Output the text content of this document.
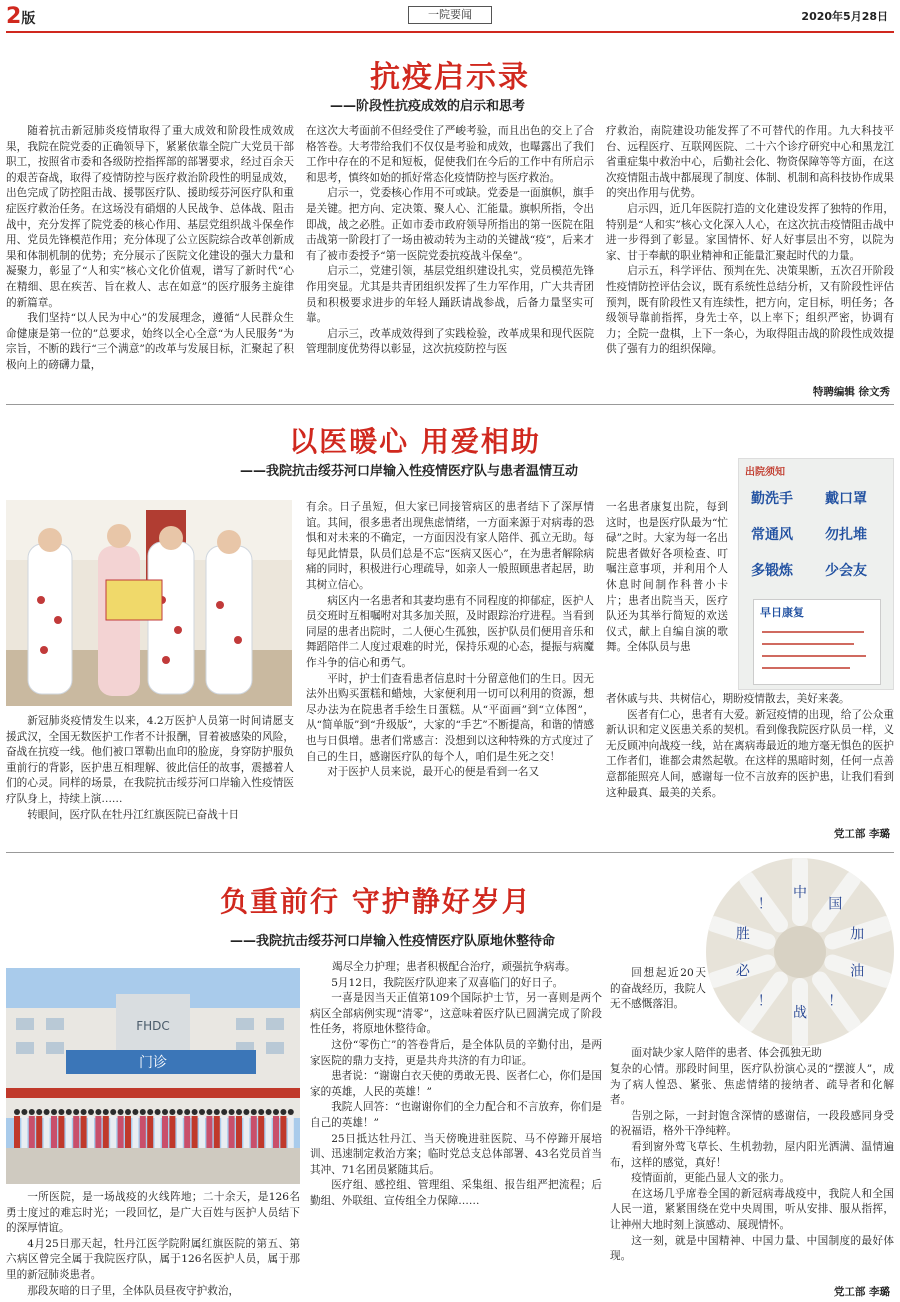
2版	一院要闻	2020年5月28日
抗疫启示录
——阶段性抗疫成效的启示和思考

随着抗击新冠肺炎疫情取得了重大成效和阶段性成效成果，我院在院党委的正确领导下，紧紧依靠全院广大党员干部职工，按照省市委和各级防控指挥部的部署要求，经过百余天的艰苦奋战，取得了疫情防控与医疗救治阶段性的明显成效，出色完成了防控阻击战、援鄂医疗队、援助绥芬河医疗队和重症医疗救治任务。在这场没有硝烟的人民战争、总体战、阻击战中，充分发挥了院党委的核心作用、基层党组织战斗保垒作用、党员先锋模范作用；充分体现了公立医院综合改革创新成果和体制机制的优势；充分展示了医院文化建设的强大力量和凝聚力，彰显了“人和实”核心文化价值观，谱写了新时代“心在精细、思在疾苦、旨在救人、志在如意”的医疗服务主旋律的新篇章。

我们坚持“以人民为中心”的发展理念，遵循“人民群众生命健康是第一位的”总要求，始终以全心全意“为人民服务”为宗旨，不断的践行“三个满意”的改革与发展目标，汇聚起了积极向上的磅礴力量，

在这次大考面前不但经受住了严峻考验，而且出色的交上了合格答卷。大考带给我们不仅仅是考验和成效，也曝露出了我们工作中存在的不足和短板，促使我们在今后的工作中有所启示和思考，慎终如始的抓好常态化疫情防控与医疗救治。

启示一，党委核心作用不可或缺。党委是一面旗帜，旗手是关键。把方向、定决策、聚人心、汇能量。旗帜所指，令出即战，战之必胜。正如市委市政府领导所指出的第一医院在阻击战第一阶段打了一场由被动转为主动的关键战“疫”，后来才有了被市委授予“第一医院党委抗疫战斗保垒”。

启示二，党建引领，基层党组织建设扎实，党员模范先锋作用突显。尤其是共青团组织发挥了生力军作用，广大共青团员和积极要求进步的年轻人踊跃请战参战，后备力量坚实可靠。

启示三，改革成效得到了实践检验，改革成果和现代医院管理制度优势得以彰显，这次抗疫防控与医

疗救治，南院建设功能发挥了不可替代的作用。九大科技平台、远程医疗、互联网医院、二十六个诊疗研究中心和黑龙江省重症集中救治中心，后勤社会化、物资保障等等方面，在这次疫情阻击战中都展现了制度、体制、机制和高科技协作成果的突出作用与优势。

启示四，近几年医院打造的文化建设发挥了独特的作用，特别是“人和实”核心文化深入人心，在这次抗击疫情阻击战中进一步得到了彰显。家国情怀、好人好事层出不穷，以院为家、甘于奉献的职业精神和正能量汇聚起时代的力量。

启示五，科学评估、预判在先、决策果断，五次召开阶段性疫情防控评估会议，既有系统性总结分析，又有阶段性评估预判，既有阶段性又有连续性，把方向，定目标，明任务；各级领导靠前指挥，身先士卒，以上率下；组织严密，协调有力；全院一盘棋，上下一条心，为取得阻击战的阶段性成效提供了强有力的组织保障。

特聘编辑 徐文秀
以医暖心 用爱相助
——我院抗击绥芬河口岸输入性疫情医疗队与患者温情互动

新冠肺炎疫情发生以来，4.2万医护人员第一时间请愿支援武汉，全国无数医护工作者不计报酬，冒着被感染的风险，奋战在抗疫一线。他们被口罩勒出血印的脸庞，身穿防护服负重前行的背影，医护患互相理解、彼此信任的故事，震撼着人们的心灵。同样的场景，在我院抗击绥芬河口岸输入性疫情医疗队身上，持续上演……

转眼间，医疗队在牡丹江红旗医院已奋战十日

有余。日子虽短，但大家已同接管病区的患者结下了深厚情谊。其间，很多患者出现焦虑情绪，一方面来源于对病毒的恐惧和对未来的不确定，一方面因没有家人陪伴、孤立无助。每每见此情景，队员们总是不忘“医病又医心”，在为患者解除病痛的同时，积极进行心理疏导，如亲人一般照顾患者起居，助其树立信心。

病区内一名患者和其妻均患有不同程度的抑郁症，医护人员交班时互相嘱咐对其多加关照，及时跟踪治疗进程。当看到同屋的患者出院时，二人便心生孤独，医护队员们便用音乐和舞蹈陪伴二人度过艰难的时光，保持乐观的心态，提振与病魔作斗争的信心和勇气。

平时，护士们查看患者信息时十分留意他们的生日。因无法外出购买蛋糕和蜡烛，大家便利用一切可以利用的资源，想尽办法为在院患者手绘生日蛋糕。从“平面画”到“立体图”，从“简单版”到“升级版”，大家的“手艺”不断提高，和谐的情感也与日俱增。患者们常感言：没想到以这种特殊的方式度过了自己的生日，感谢医疗队的每个人，咱们是生死之交！

对于医护人员来说，最开心的便是看到一名又

一名患者康复出院，每到这时，也是医疗队最为“忙碌”之时。大家为每一名出院患者做好各项检查、叮嘱注意事项，并利用个人休息时间制作科普小卡片；患者出院当天，医疗队还为其举行简短的欢送仪式，献上自编自演的歌舞。全体队员与患

出院须知
勤洗手
常通风
多锻炼
戴口罩
勿扎堆
少会友
早日康复

者休戚与共、共树信心，期盼疫情散去，美好来袭。

医者有仁心，患者有大爱。新冠疫情的出现，给了公众重新认识和定义医患关系的契机。看到像我院医疗队员一样，义无反顾冲向战疫一线，站在离病毒最近的地方毫无惧色的医护工作者们，谁都会肃然起敬。在这样的黑暗时刻，任何一点善意都能照亮人间，感谢每一位不言放弃的医护患，让我们看到这种最真、最美的关系。

党工部 李璐
负重前行 守护静好岁月
——我院抗击绥芬河口岸输入性疫情医疗队原地休整待命
中
国
加
油
！
战
！
必
胜
！
FHDC
门诊

一所医院，是一场战疫的火线阵地；二十余天，是126名勇士度过的难忘时光；一段回忆，是广大百姓与医护人员结下的深厚情谊。

4月25日那天起，牡丹江医学院附属红旗医院的第五、第六病区曾完全属于我院医疗队，属于126名医护人员，属于那里的新冠肺炎患者。

那段灰暗的日子里，全体队员昼夜守护救治，

竭尽全力护理；患者积极配合治疗，顽强抗争病毒。

5月12日，我院医疗队迎来了双喜临门的好日子。

一喜是因当天正值第109个国际护士节，另一喜则是两个病区全部病例实现“清零”，这意味着医疗队已圆满完成了阶段性任务，将原地休整待命。

这份“零伤亡”的答卷背后，是全体队员的辛勤付出，是两家医院的鼎力支持，更是共舟共济的有力印证。

患者说：“谢谢白衣天使的勇敢无畏、医者仁心，你们是国家的英雄，人民的英雄！”

我院人回答：“也谢谢你们的全力配合和不言放弃，你们是自己的英雄！”

25日抵达牡丹江、当天傍晚进驻医院、马不停蹄开展培训、迅速制定救治方案；临时党总支总体部署、43名党员首当其冲、71名团员紧随其后。

医疗组、感控组、管理组、采集组、报告组严把流程；后勤组、外联组、宣传组全力保障……

回想起近20天的奋战经历，我院人无不感慨落泪。

面对缺少家人陪伴的患者、体会孤独无助

复杂的心情。那段时间里，医疗队扮演心灵的“摆渡人”，成为了病人惶恐、紧张、焦虑情绪的接纳者、疏导者和化解者。

告别之际，一封封饱含深情的感谢信，一段段感同身受的祝福语，格外干净纯粹。

看到窗外莺飞草长、生机勃勃，屋内阳光洒满、温情遍布，这样的感觉，真好！

疫情面前，更能凸显人文的张力。

在这场几乎席卷全国的新冠病毒战疫中，我院人和全国人民一道，紧紧围绕在党中央周围，听从安排、服从指挥，让神州大地时刻上演感动、展现情怀。

这一刻，就是中国精神、中国力量、中国制度的最好体现。

党工部 李璐
